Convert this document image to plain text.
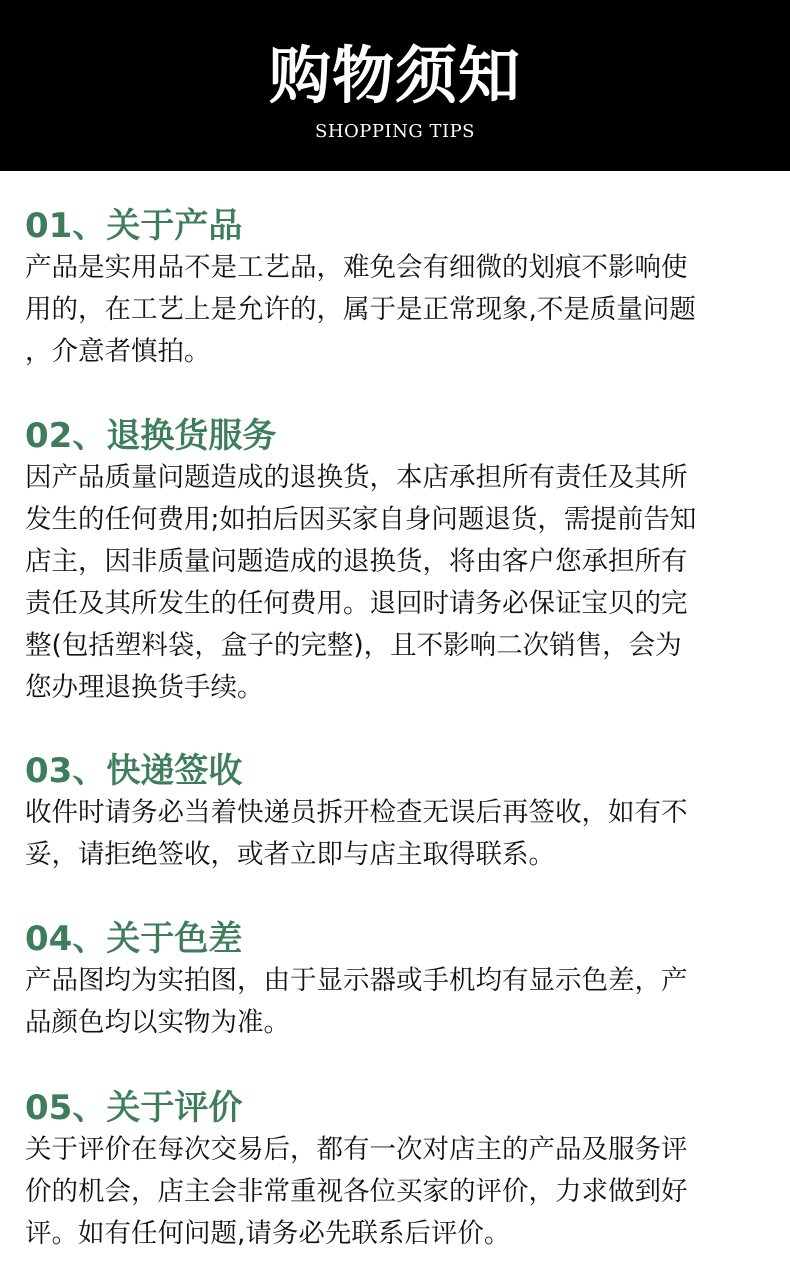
购物须知
SHOPPING TIPS
01、关于产品

产品是实用品不是工艺品，难免会有细微的划痕不影响使
用的，在工艺上是允许的，属于是正常现象,不是质量问题
，介意者慎拍。

02、退换货服务

因产品质量问题造成的退换货，本店承担所有责任及其所
发生的任何费用;如拍后因买家自身问题退货，需提前告知
店主，因非质量问题造成的退换货，将由客户您承担所有
责任及其所发生的任何费用。退回时请务必保证宝贝的完
整(包括塑料袋，盒子的完整)，且不影响二次销售，会为
您办理退换货手续。

03、快递签收

收件时请务必当着快递员拆开检查无误后再签收，如有不
妥，请拒绝签收，或者立即与店主取得联系。

04、关于色差

产品图均为实拍图，由于显示器或手机均有显示色差，产
品颜色均以实物为准。

05、关于评价

关于评价在每次交易后，都有一次对店主的产品及服务评
价的机会，店主会非常重视各位买家的评价，力求做到好
评。如有任何问题,请务必先联系后评价。
